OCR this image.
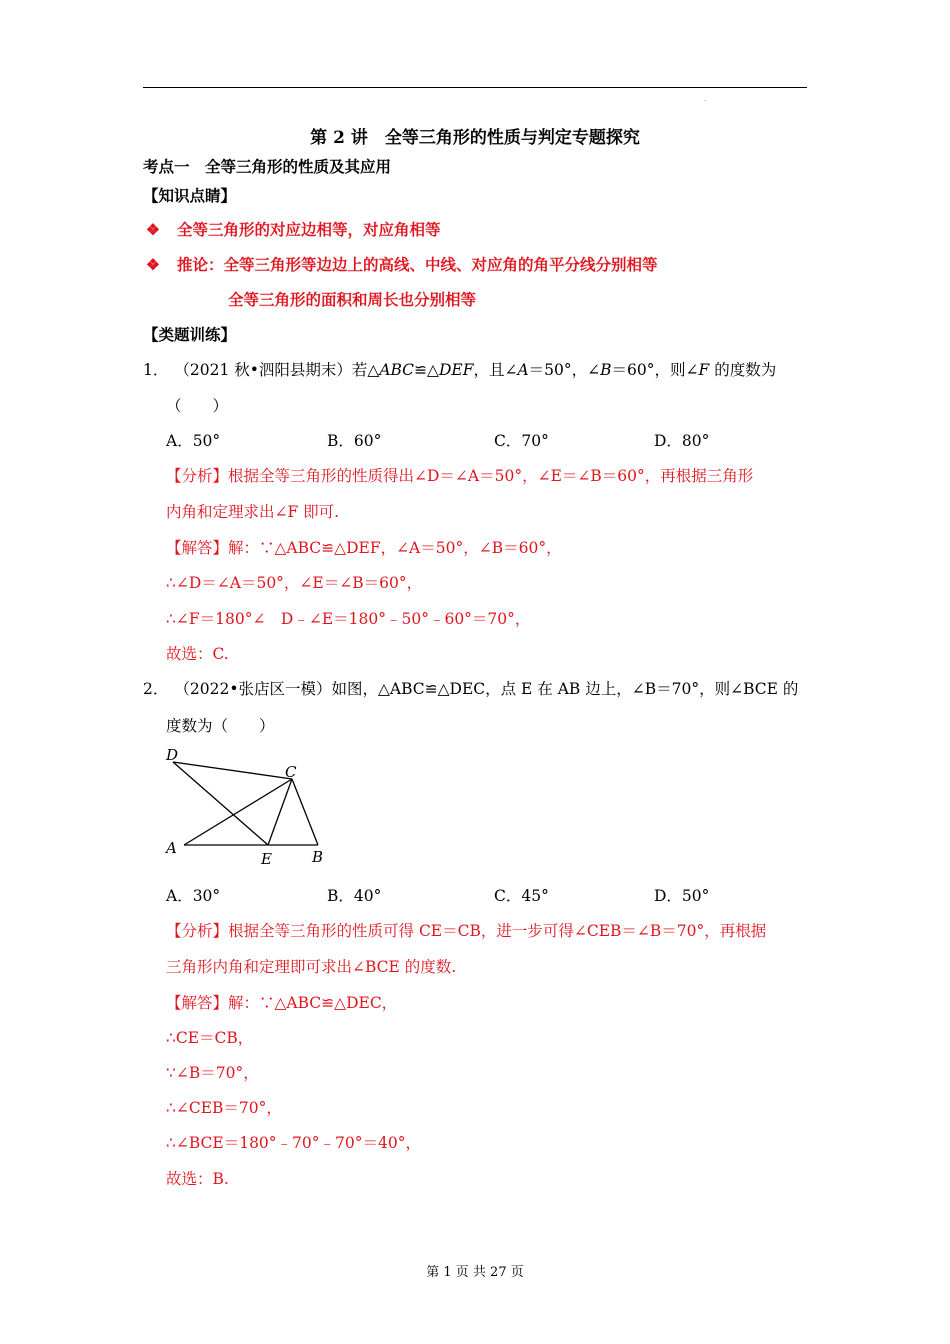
.
第 2 讲　全等三角形的性质与判定专题探究
考点一　全等三角形的性质及其应用
【知识点睛】
❖ 全等三角形的对应边相等，对应角相等
❖ 推论：全等三角形等边边上的高线、中线、对应角的角平分线分别相等
全等三角形的面积和周长也分别相等
【类题训练】
1． （2021 秋•泗阳县期末）若△ABC≌△DEF，且∠A＝50°，∠B＝60°，则∠F 的度数为
（　　）
A．50°	B．60°	C．70°	D．80°
【分析】根据全等三角形的性质得出∠D＝∠A＝50°，∠E＝∠B＝60°，再根据三角形
内角和定理求出∠F 即可.
【解答】解：∵△ABC≌△DEF，∠A＝50°，∠B＝60°，
∴∠D＝∠A＝50°，∠E＝∠B＝60°，
∴∠F＝180°∠　D﹣∠E＝180°﹣50°﹣60°＝70°，
故选：C.
2． （2022•张店区一模）如图，△ABC≌△DEC，点 E 在 AB 边上，∠B＝70°，则∠BCE 的
度数为（　　）
D
C
A
E	B
A．30°	B．40°	C．45°	D．50°
【分析】根据全等三角形的性质可得 CE＝CB，进一步可得∠CEB＝∠B＝70°，再根据
三角形内角和定理即可求出∠BCE 的度数.
【解答】解：∵△ABC≌△DEC，
∴CE＝CB，
∵∠B＝70°，
∴∠CEB＝70°，
∴∠BCE＝180°﹣70°﹣70°＝40°，
故选：B.
第 1 页 共 27 页
